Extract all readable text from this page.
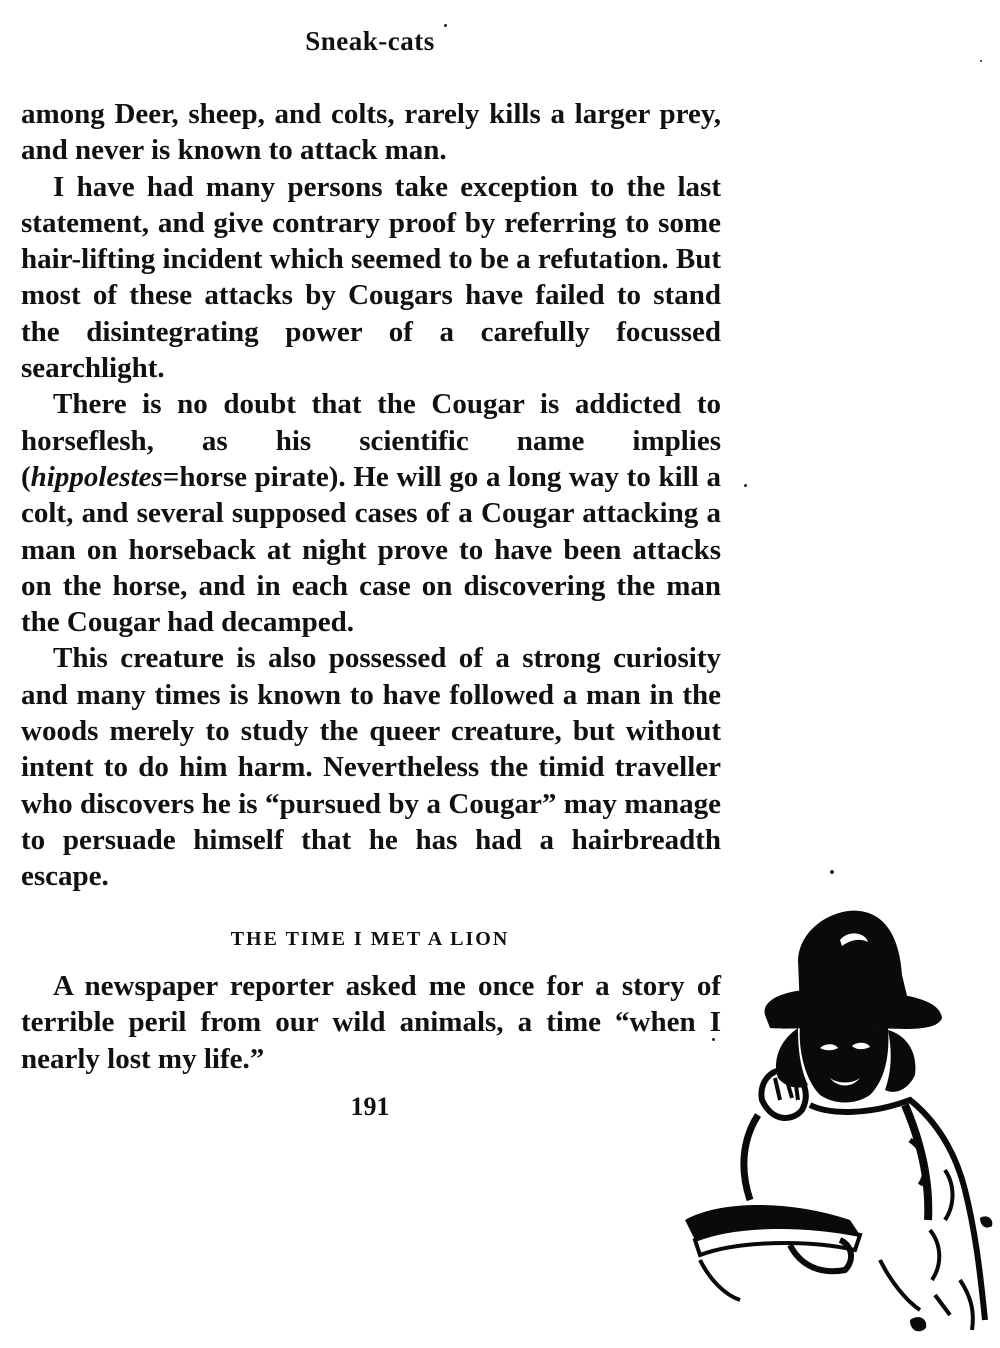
Sneak-cats

among Deer, sheep, and colts, rarely kills a larger prey, and never is known to attack man.

I have had many persons take exception to the last statement, and give contrary proof by referring to some hair-lifting incident which seemed to be a refutation. But most of these attacks by Cougars have failed to stand the disintegrating power of a carefully focussed searchlight.

There is no doubt that the Cougar is addicted to horseflesh, as his scientific name implies (hippolestes=horse pirate). He will go a long way to kill a colt, and several supposed cases of a Cougar attacking a man on horseback at night prove to have been attacks on the horse, and in each case on discovering the man the Cougar had decamped.

This creature is also possessed of a strong curiosity and many times is known to have followed a man in the woods merely to study the queer creature, but without intent to do him harm. Nevertheless the timid traveller who discovers he is “pursued by a Cougar” may manage to persuade himself that he has had a hairbreadth escape.

THE TIME I MET A LION

A newspaper reporter asked me once for a story of terrible peril from our wild animals, a time “when I nearly lost my life.”

191
